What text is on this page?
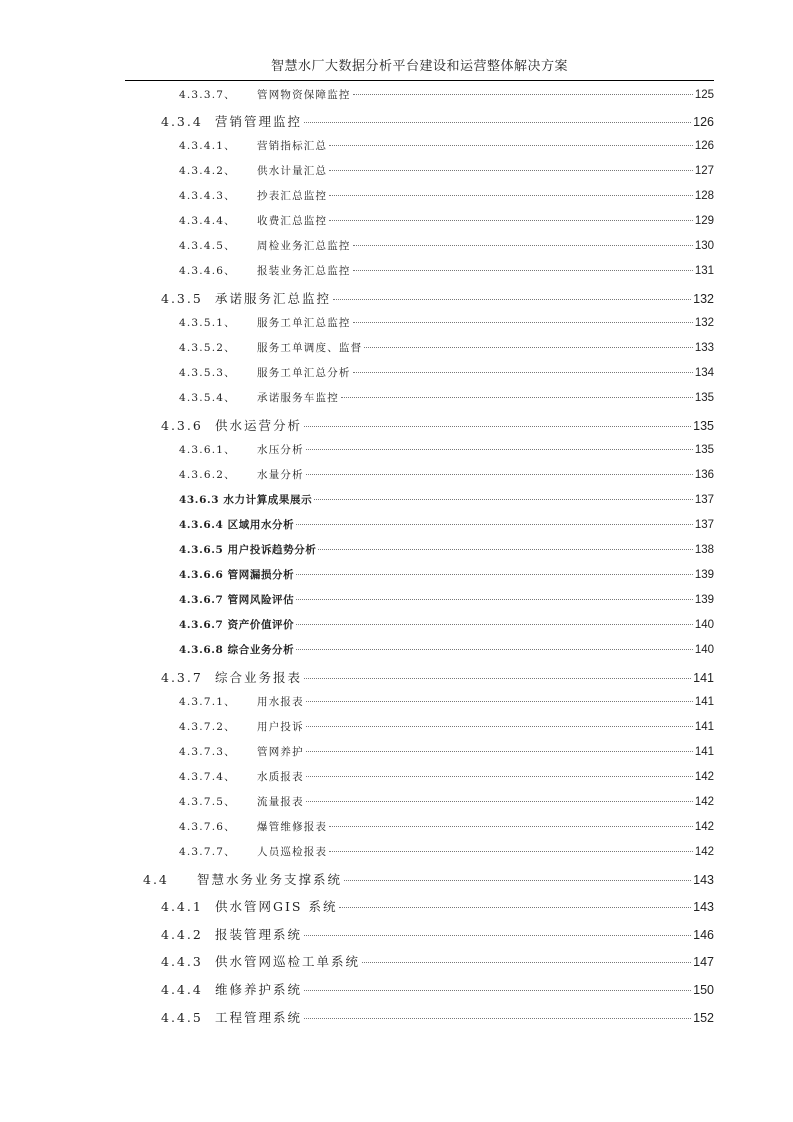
智慧水厂大数据分析平台建设和运营整体解决方案
4.3.3.7、	管网物资保障监控	125
4.3.4 营销管理监控	126
4.3.4.1、	营销指标汇总	126
4.3.4.2、	供水计量汇总	127
4.3.4.3、	抄表汇总监控	128
4.3.4.4、	收费汇总监控	129
4.3.4.5、	周检业务汇总监控	130
4.3.4.6、	报装业务汇总监控	131
4.3.5 承诺服务汇总监控	132
4.3.5.1、	服务工单汇总监控	132
4.3.5.2、	服务工单调度、监督	133
4.3.5.3、	服务工单汇总分析	134
4.3.5.4、	承诺服务车监控	135
4.3.6 供水运营分析	135
4.3.6.1、	水压分析	135
4.3.6.2、	水量分析	136
43.6.3 水力计算成果展示	137
4.3.6.4 区域用水分析	137
4.3.6.5 用户投诉趋势分析	138
4.3.6.6 管网漏损分析	139
4.3.6.7 管网风险评估	139
4.3.6.7 资产价值评价	140
4.3.6.8 综合业务分析	140
4.3.7 综合业务报表	141
4.3.7.1、	用水报表	141
4.3.7.2、	用户投诉	141
4.3.7.3、	管网养护	141
4.3.7.4、	水质报表	142
4.3.7.5、	流量报表	142
4.3.7.6、	爆管维修报表	142
4.3.7.7、	人员巡检报表	142
4.4	智慧水务业务支撑系统	143
4.4.1 供水管网GIS 系统	143
4.4.2 报装管理系统	146
4.4.3 供水管网巡检工单系统	147
4.4.4 维修养护系统	150
4.4.5 工程管理系统	152
